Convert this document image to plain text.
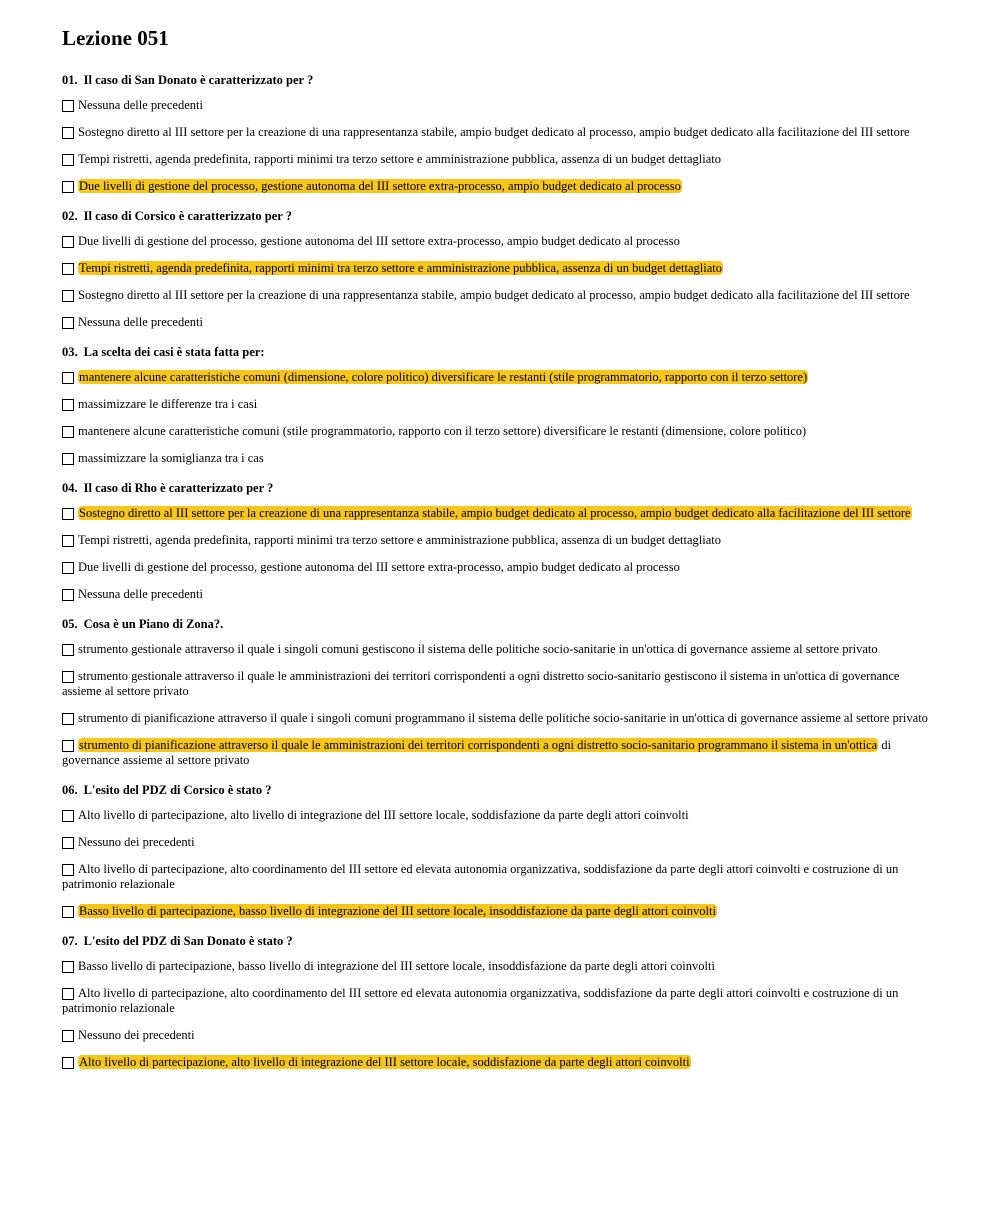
Lezione 051
01. Il caso di San Donato è caratterizzato per ?
Nessuna delle precedenti
Sostegno diretto al III settore per la creazione di una rappresentanza stabile, ampio budget dedicato al processo, ampio budget dedicato alla facilitazione del III settore
Tempi ristretti, agenda predefinita, rapporti minimi tra terzo settore e amministrazione pubblica, assenza di un budget dettagliato
Due livelli di gestione del processo, gestione autonoma del III settore extra-processo, ampio budget dedicato al processo
02. Il caso di Corsico è caratterizzato per ?
Due livelli di gestione del processo, gestione autonoma del III settore extra-processo, ampio budget dedicato al processo
Tempi ristretti, agenda predefinita, rapporti minimi tra terzo settore e amministrazione pubblica, assenza di un budget dettagliato
Sostegno diretto al III settore per la creazione di una rappresentanza stabile, ampio budget dedicato al processo, ampio budget dedicato alla facilitazione del III settore
Nessuna delle precedenti
03. La scelta dei casi è stata fatta per:
mantenere alcune caratteristiche comuni (dimensione, colore politico) diversificare le restanti (stile programmatorio, rapporto con il terzo settore)
massimizzare le differenze tra i casi
mantenere alcune caratteristiche comuni (stile programmatorio, rapporto con il terzo settore) diversificare le restanti (dimensione, colore politico)
massimizzare la somiglianza tra i cas
04. Il caso di Rho è caratterizzato per ?
Sostegno diretto al III settore per la creazione di una rappresentanza stabile, ampio budget dedicato al processo, ampio budget dedicato alla facilitazione del III settore
Tempi ristretti, agenda predefinita, rapporti minimi tra terzo settore e amministrazione pubblica, assenza di un budget dettagliato
Due livelli di gestione del processo, gestione autonoma del III settore extra-processo, ampio budget dedicato al processo
Nessuna delle precedenti
05. Cosa è un Piano di Zona?.
strumento gestionale attraverso il quale i singoli comuni gestiscono il sistema delle politiche socio-sanitarie in un'ottica di governance assieme al settore privato
strumento gestionale attraverso il quale le amministrazioni dei territori corrispondenti a ogni distretto socio-sanitario gestiscono il sistema in un'ottica di governance assieme al settore privato
strumento di pianificazione attraverso il quale i singoli comuni programmano il sistema delle politiche socio-sanitarie in un'ottica di governance assieme al settore privato
strumento di pianificazione attraverso il quale le amministrazioni dei territori corrispondenti a ogni distretto socio-sanitario programmano il sistema in un'ottica di governance assieme al settore privato
06. L'esito del PDZ di Corsico è stato ?
Alto livello di partecipazione, alto livello di integrazione del III settore locale, soddisfazione da parte degli attori coinvolti
Nessuno dei precedenti
Alto livello di partecipazione, alto coordinamento del III settore ed elevata autonomia organizzativa, soddisfazione da parte degli attori coinvolti e costruzione di un patrimonio relazionale
Basso livello di partecipazione, basso livello di integrazione del III settore locale, insoddisfazione da parte degli attori coinvolti
07. L'esito del PDZ di San Donato è stato ?
Basso livello di partecipazione, basso livello di integrazione del III settore locale, insoddisfazione da parte degli attori coinvolti
Alto livello di partecipazione, alto coordinamento del III settore ed elevata autonomia organizzativa, soddisfazione da parte degli attori coinvolti e costruzione di un patrimonio relazionale
Nessuno dei precedenti
Alto livello di partecipazione, alto livello di integrazione del III settore locale, soddisfazione da parte degli attori coinvolti
